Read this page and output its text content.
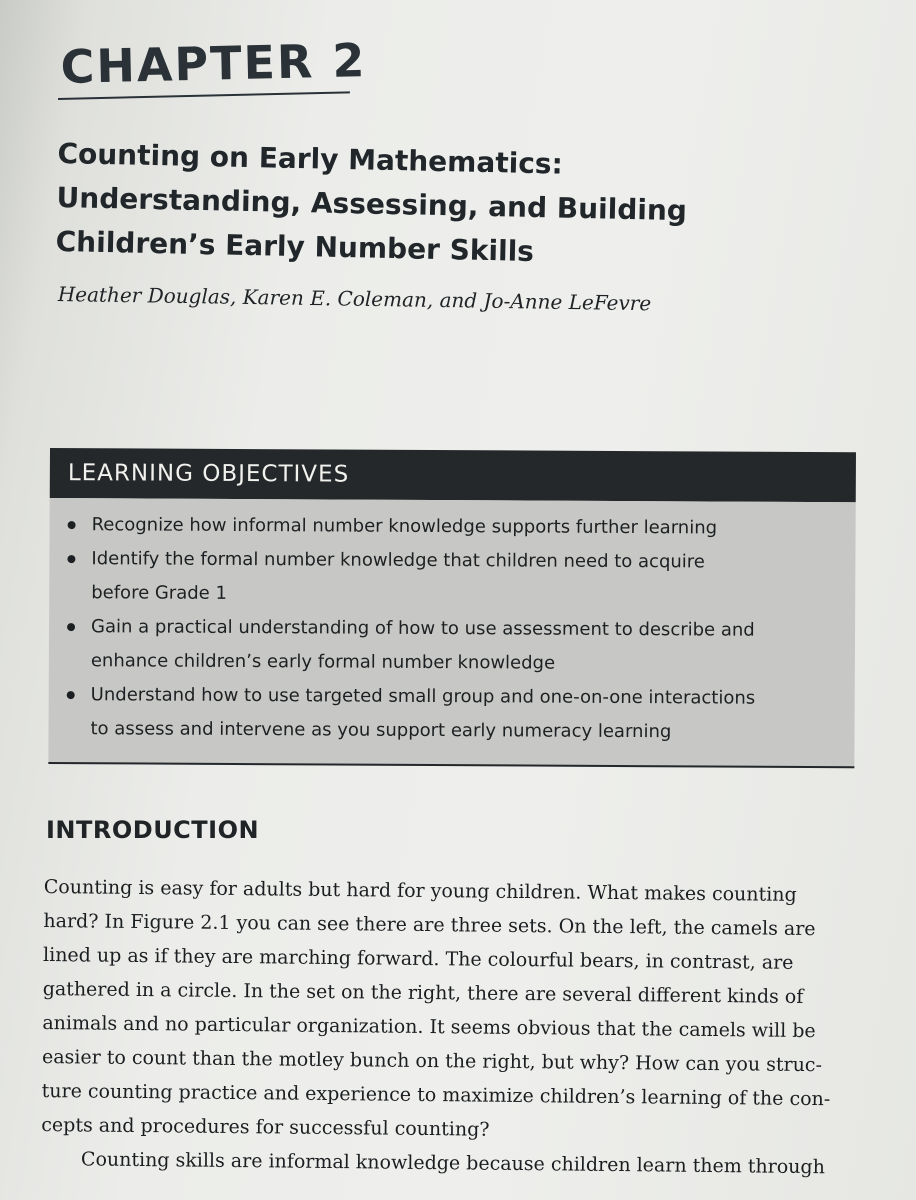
CHAPTER 2
Counting on Early Mathematics:
Understanding, Assessing, and Building
Children’s Early Number Skills

Heather Douglas, Karen E. Coleman, and Jo-Anne LeFevre

LEARNING OBJECTIVES
Recognize how informal number knowledge supports further learning
Identify the formal number knowledge that children need to acquire
before Grade 1
Gain a practical understanding of how to use assessment to describe and
enhance children’s early formal number knowledge
Understand how to use targeted small group and one-on-one interactions
to assess and intervene as you support early numeracy learning
INTRODUCTION
Counting is easy for adults but hard for young children. What makes counting
hard? In Figure 2.1 you can see there are three sets. On the left, the camels are
lined up as if they are marching forward. The colourful bears, in contrast, are
gathered in a circle. In the set on the right, there are several different kinds of
animals and no particular organization. It seems obvious that the camels will be
easier to count than the motley bunch on the right, but why? How can you struc-
ture counting practice and experience to maximize children’s learning of the con-
cepts and procedures for successful counting?
Counting skills are informal knowledge because children learn them through
